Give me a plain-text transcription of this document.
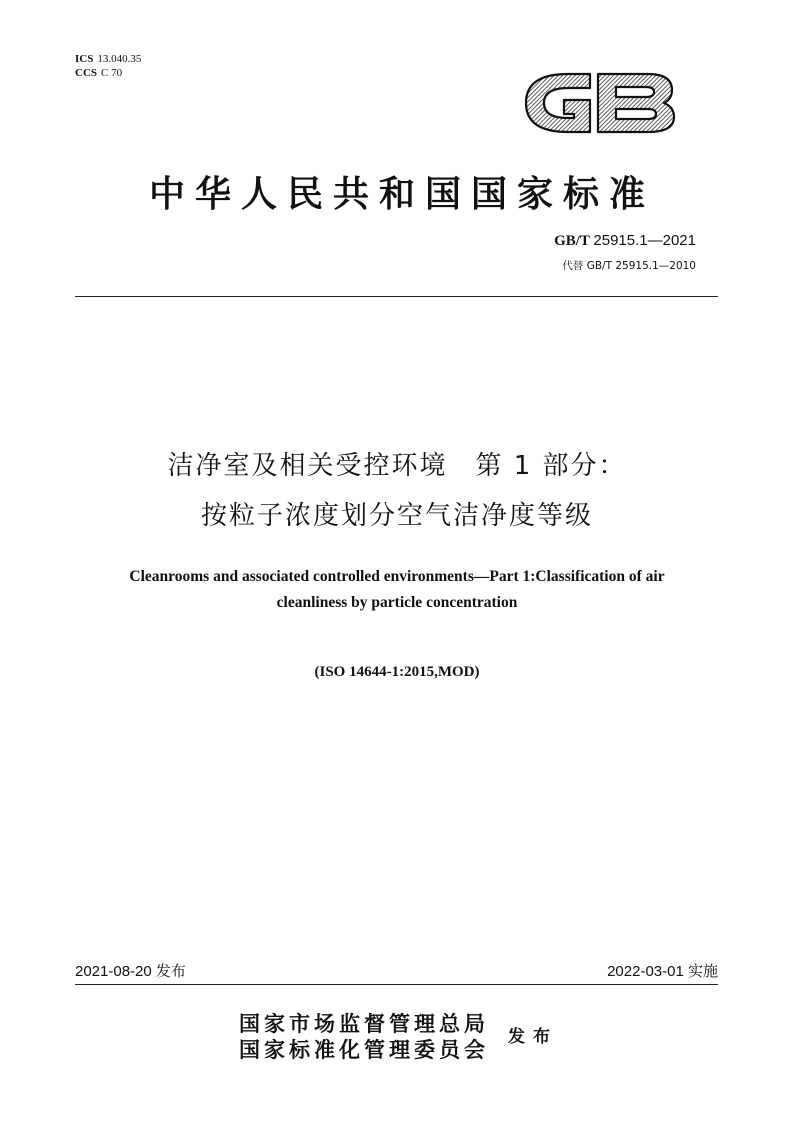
ICS 13.040.35
CCS C 70
GB
中华人民共和国国家标准
GB/T 25915.1—2021
代替 GB/T 25915.1—2010
洁净室及相关受控环境　第 1 部分：
按粒子浓度划分空气洁净度等级
Cleanrooms and associated controlled environments—Part 1:Classification of air
cleanliness by particle concentration
(ISO 14644-1:2015,MOD)
2021-08-20 发布	2022-03-01 实施
国家市场监督管理总局
国家标准化管理委员会 发布
